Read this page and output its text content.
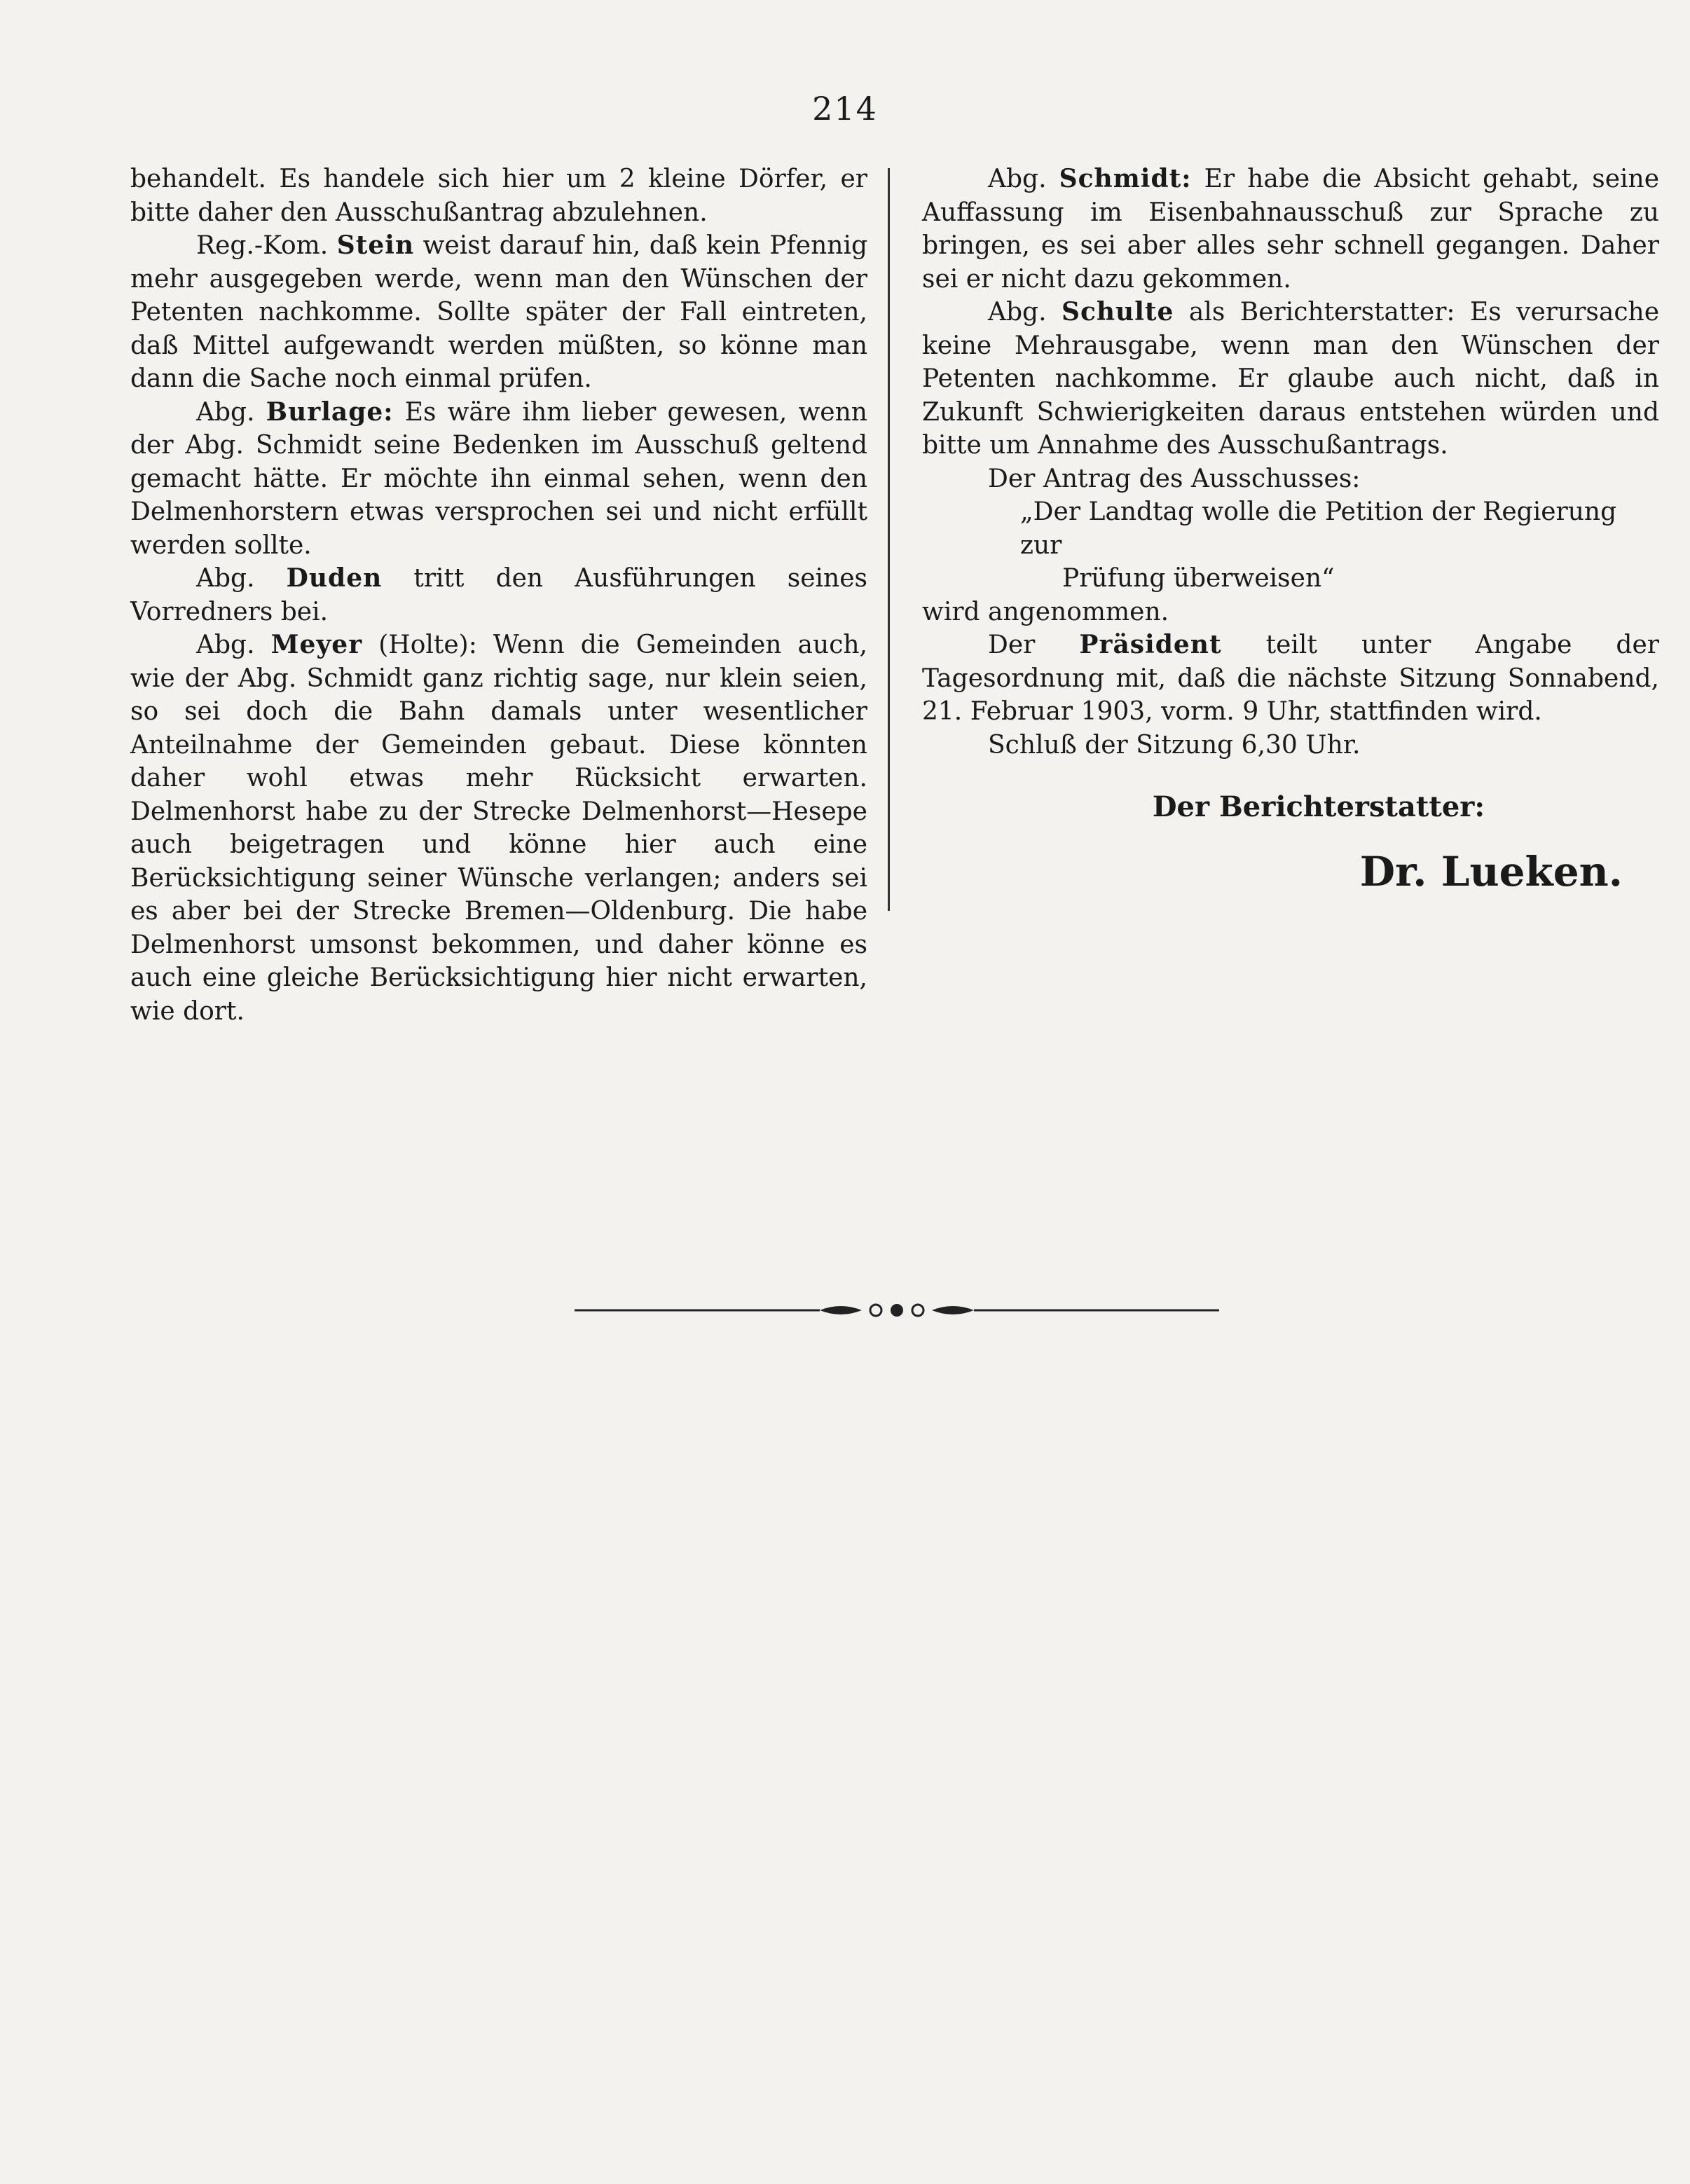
214

behandelt. Es handele sich hier um 2 kleine Dörfer, er bitte daher den Ausschußantrag abzulehnen.

Reg.-Kom. Stein weist darauf hin, daß kein Pfennig mehr ausgegeben werde, wenn man den Wünschen der Petenten nachkomme. Sollte später der Fall eintreten, daß Mittel aufgewandt werden müßten, so könne man dann die Sache noch einmal prüfen.

Abg. Burlage: Es wäre ihm lieber gewesen, wenn der Abg. Schmidt seine Bedenken im Ausschuß geltend gemacht hätte. Er möchte ihn einmal sehen, wenn den Delmenhorstern etwas versprochen sei und nicht erfüllt werden sollte.

Abg. Duden tritt den Ausführungen seines Vorredners bei.

Abg. Meyer (Holte): Wenn die Gemeinden auch, wie der Abg. Schmidt ganz richtig sage, nur klein seien, so sei doch die Bahn damals unter wesentlicher Anteilnahme der Gemeinden gebaut. Diese könnten daher wohl etwas mehr Rücksicht erwarten. Delmenhorst habe zu der Strecke Delmenhorst—Hesepe auch beigetragen und könne hier auch eine Berücksichtigung seiner Wünsche verlangen; anders sei es aber bei der Strecke Bremen—Oldenburg. Die habe Delmenhorst umsonst bekommen, und daher könne es auch eine gleiche Berücksichtigung hier nicht erwarten, wie dort.

Abg. Schmidt: Er habe die Absicht gehabt, seine Auffassung im Eisenbahnausschuß zur Sprache zu bringen, es sei aber alles sehr schnell gegangen. Daher sei er nicht dazu gekommen.

Abg. Schulte als Berichterstatter: Es verursache keine Mehrausgabe, wenn man den Wünschen der Petenten nachkomme. Er glaube auch nicht, daß in Zukunft Schwierigkeiten daraus entstehen würden und bitte um Annahme des Ausschußantrags.

Der Antrag des Ausschusses:

„Der Landtag wolle die Petition der Regierung zur

Prüfung überweisen“

wird angenommen.

Der Präsident teilt unter Angabe der Tagesordnung mit, daß die nächste Sitzung Sonnabend, 21. Februar 1903, vorm. 9 Uhr, stattfinden wird.

Schluß der Sitzung 6,30 Uhr.

Der Berichterstatter:
Dr. Lueken.
